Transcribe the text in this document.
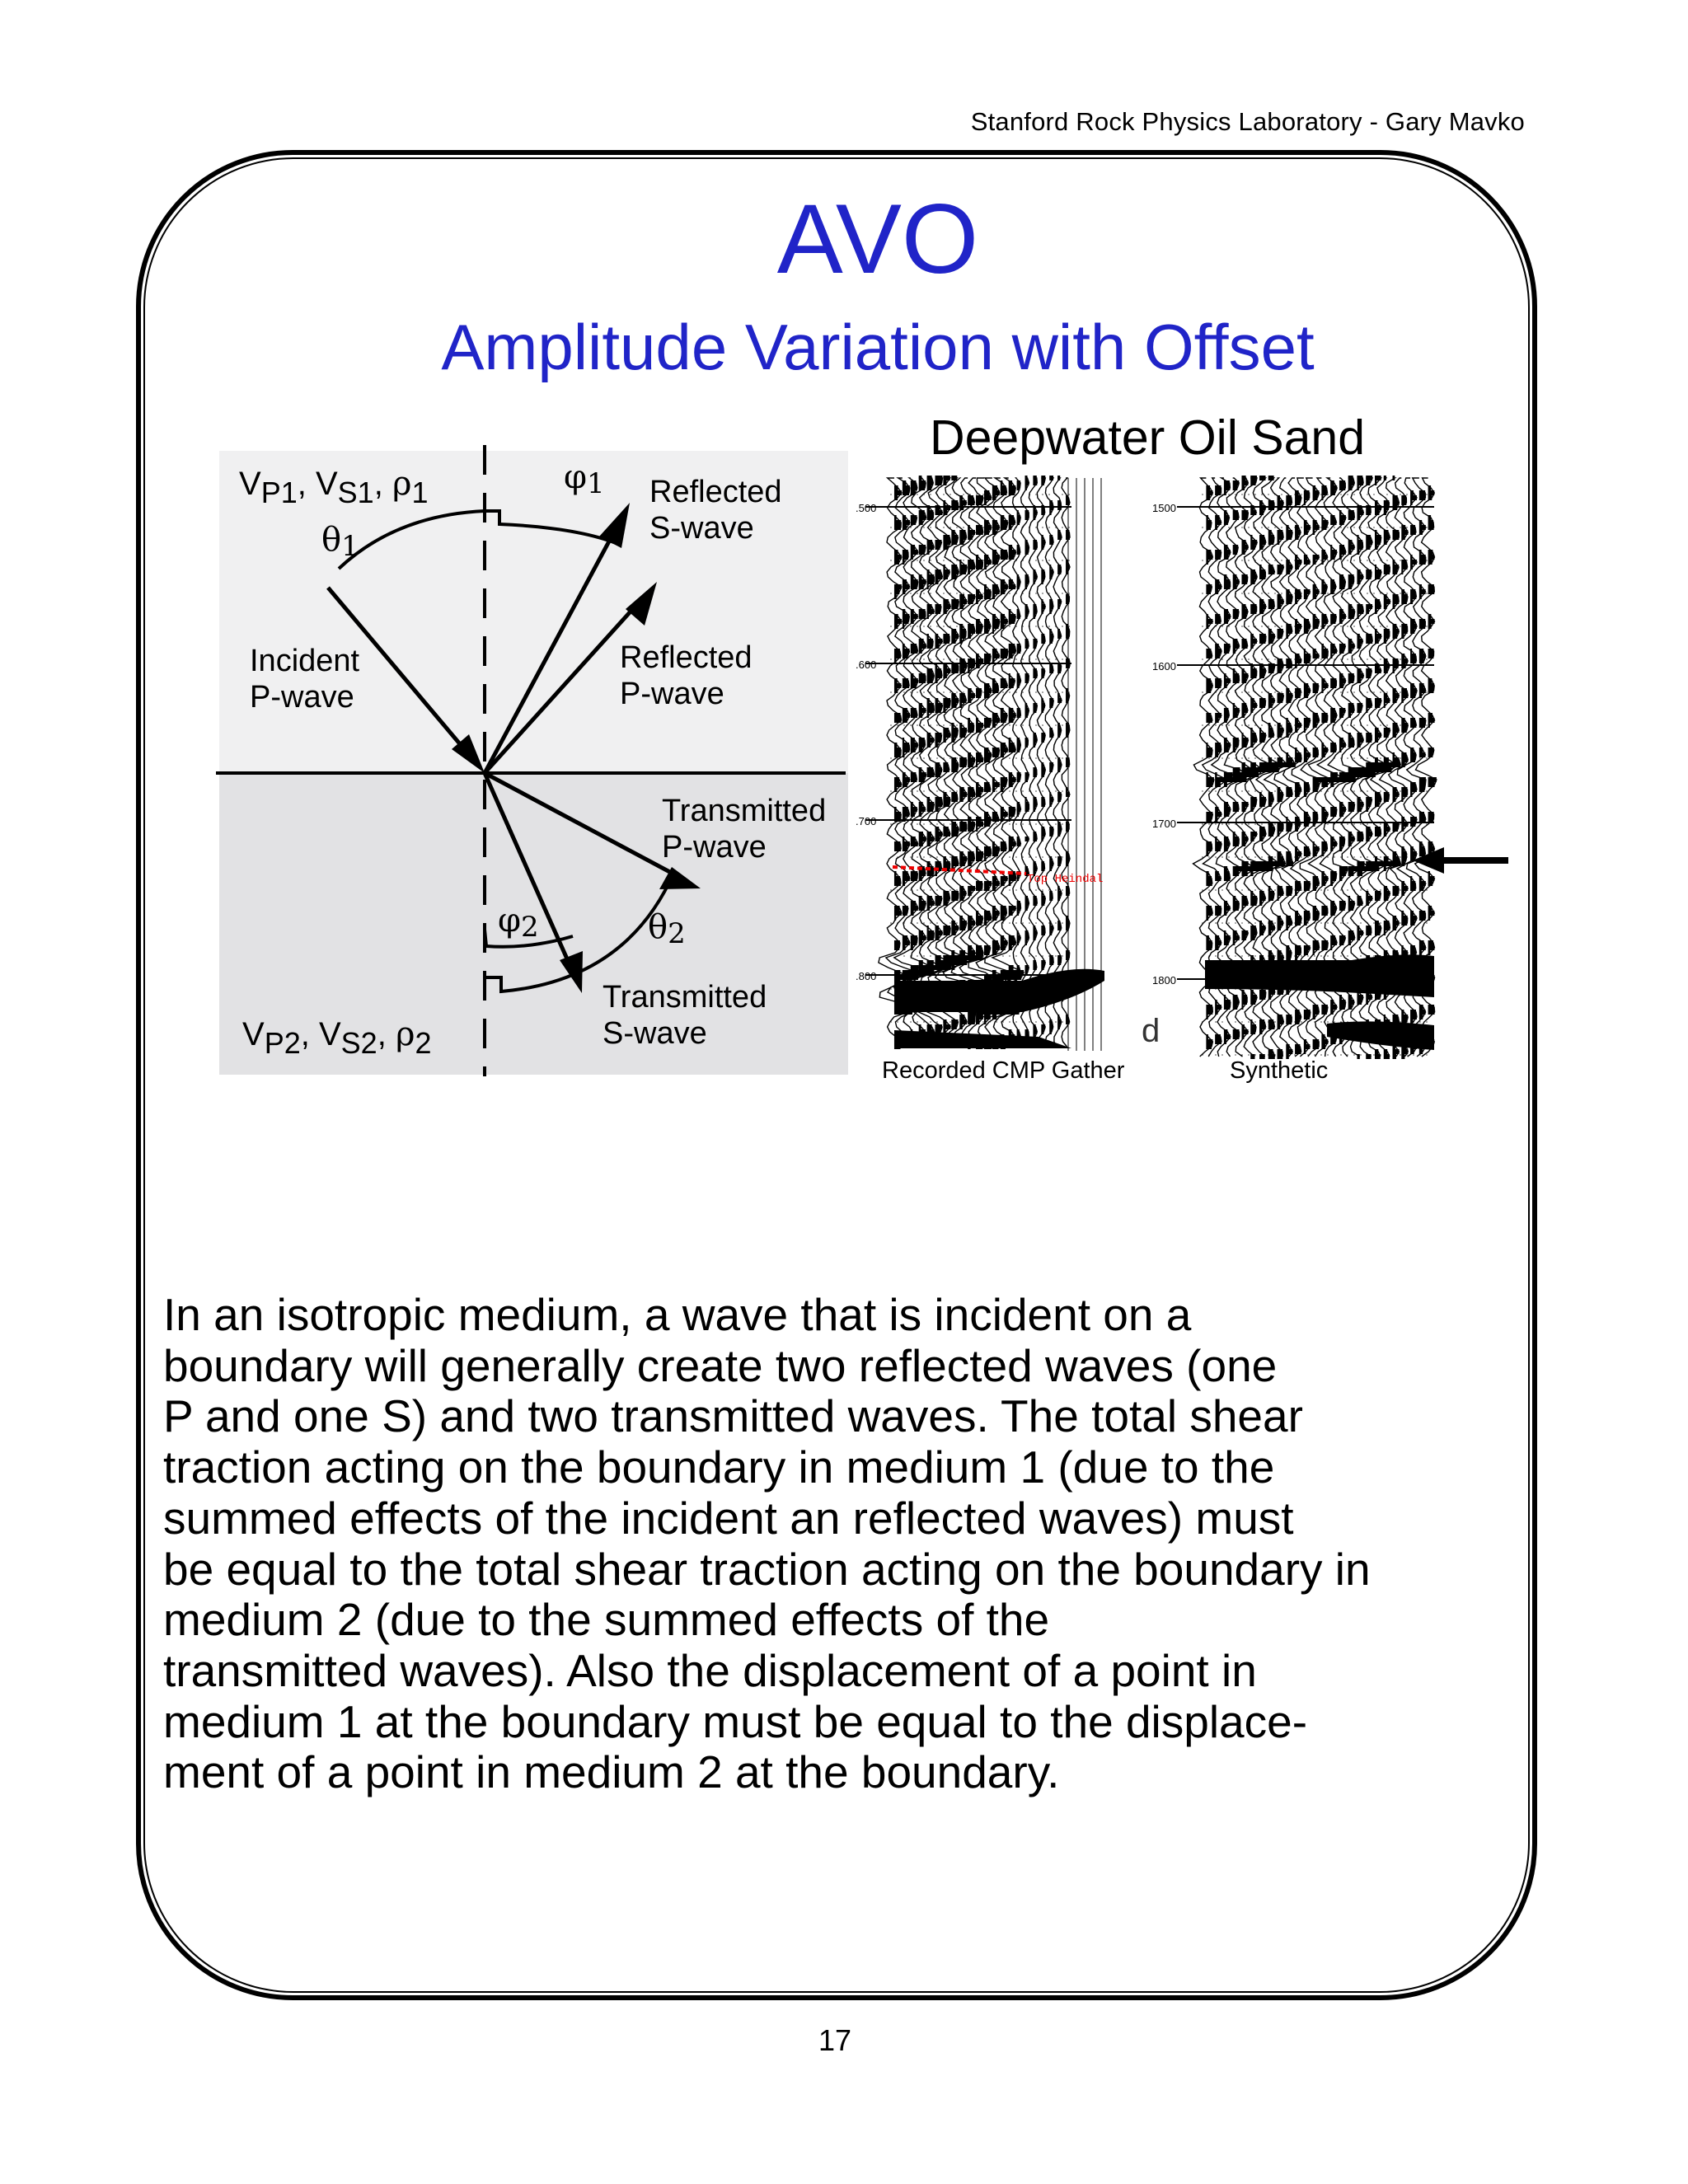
Stanford Rock Physics Laboratory - Gary Mavko
AVO
Amplitude Variation with Offset
VP1, VS1, ρ1
VP2, VS2, ρ2
θ1
φ1
φ2	θ2
Incident P-wave
Reflected S-wave
Reflected P-wave
Transmitted P-wave
Transmitted S-wave
Deepwater Oil Sand
.500
.600
.700
.800
Top Heindal
1500
1600
1700
1800
Recorded CMP Gather	Synthetic
d
In an isotropic medium, a wave that is incident on a
boundary will generally create two reflected waves (one
P and one S) and two transmitted waves. The total shear
traction acting on the boundary in medium 1 (due to the
summed effects of the incident an reflected waves) must
be equal to the total shear traction acting on the boundary in
medium 2 (due to the summed effects of the
transmitted waves). Also the displacement of a point in
medium 1 at the boundary must be equal to the displace-
ment of a point in medium 2 at the boundary.
17
